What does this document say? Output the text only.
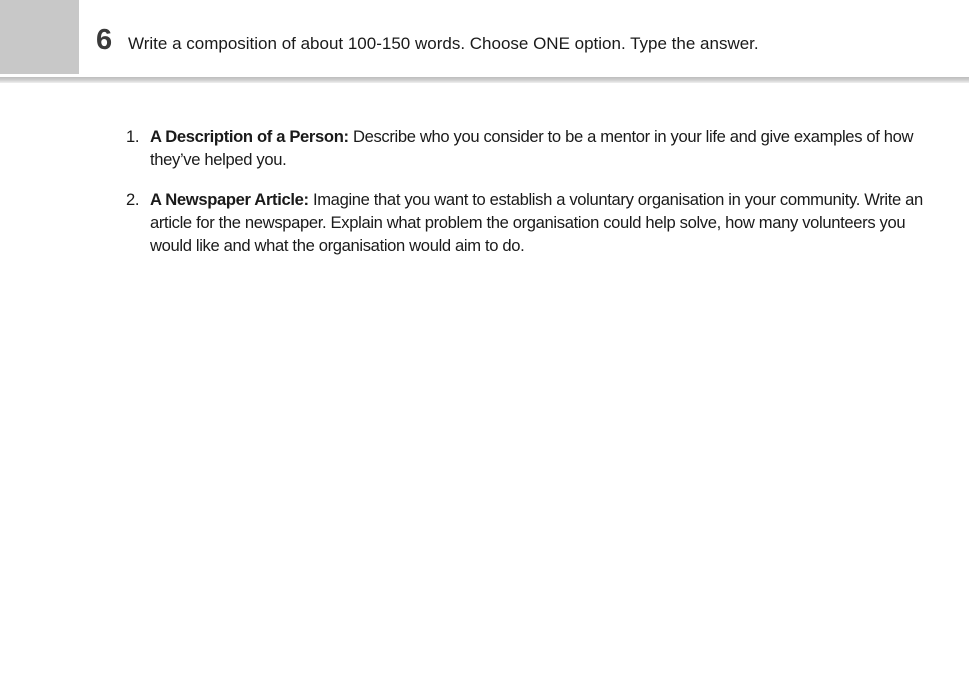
6 Write a composition of about 100-150 words. Choose ONE option. Type the answer.
1. A Description of a Person: Describe who you consider to be a mentor in your life and give examples of how they’ve helped you.
2. A Newspaper Article: Imagine that you want to establish a voluntary organisation in your community. Write an article for the newspaper. Explain what problem the organisation could help solve, how many volunteers you would like and what the organisation would aim to do.
